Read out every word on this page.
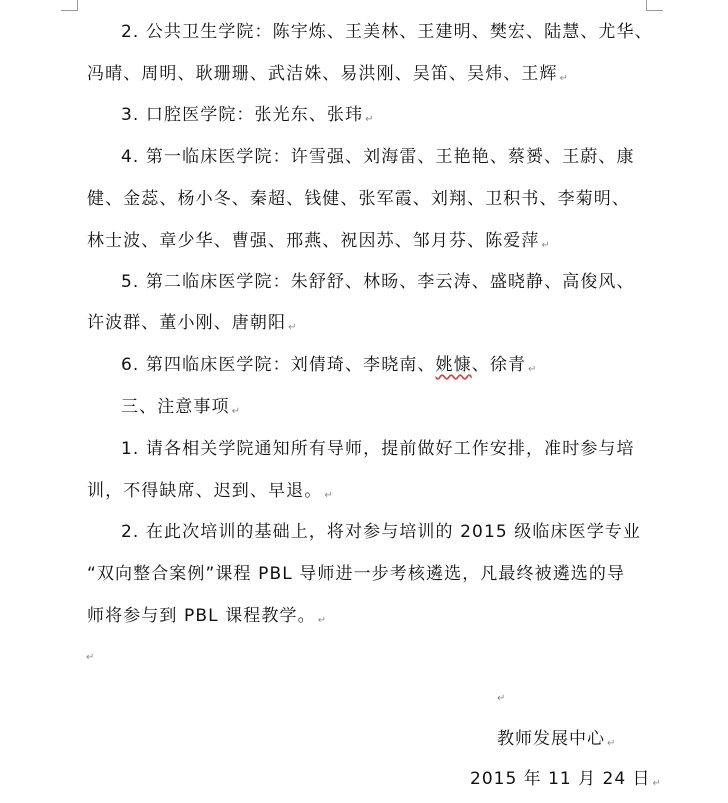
2. 公共卫生学院：陈宇炼、王美林、王建明、樊宏、陆慧、尤华、

冯晴、周明、耿珊珊、武洁姝、易洪刚、吴笛、吴炜、王辉 ↵

3. 口腔医学院：张光东、张玮 ↵

4. 第一临床医学院：许雪强、刘海雷、王艳艳、蔡赟、王蔚、康

健、金蕊、杨小冬、秦超、钱健、张军霞、刘翔、卫积书、李菊明、

林士波、章少华、曹强、邢燕、祝因苏、邹月芬、陈爱萍 ↵

5. 第二临床医学院：朱舒舒、林旸、李云涛、盛晓静、高俊风、

许波群、董小刚、唐朝阳 ↵

6. 第四临床医学院：刘倩琦、李晓南、姚慷、徐青 ↵

三、注意事项 ↵

1. 请各相关学院通知所有导师，提前做好工作安排，准时参与培

训，不得缺席、迟到、早退。 ↵

2. 在此次培训的基础上，将对参与培训的 2015 级临床医学专业

“双向整合案例”课程 PBL 导师进一步考核遴选，凡最终被遴选的导

师将参与到 PBL 课程教学。 ↵

↵
↵
教师发展中心 ↵
2015 年 11 月 24 日 ↵
